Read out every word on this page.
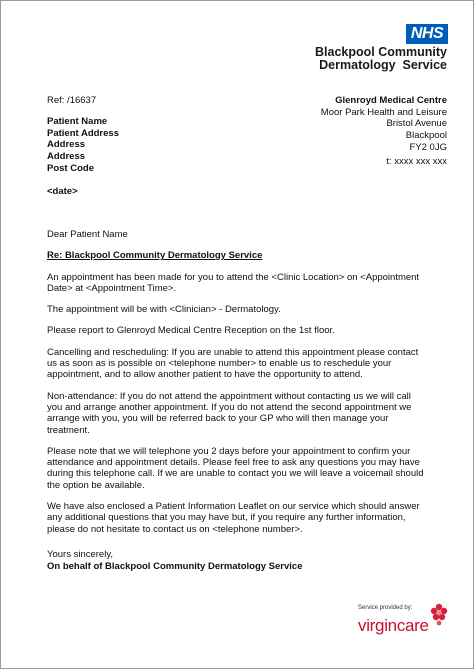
NHS
Blackpool Community
Dermatology  Service
Ref: /16637
Patient Name
Patient Address
Address
Address
Post Code
<date>
Glenroyd Medical Centre
Moor Park Health and Leisure
Bristol Avenue
Blackpool
FY2 0JG
t: xxxx xxx xxx

Dear Patient Name

Re: Blackpool Community Dermatology Service

An appointment has been made for you to attend the <Clinic Location> on <Appointment Date> at <Appointment Time>.

The appointment will be with <Clinician> - Dermatology.

Please report to Glenroyd Medical Centre Reception on the 1st floor.

Cancelling and rescheduling: If you are unable to attend this appointment please contact us as soon as is possible on <telephone number> to enable us to reschedule your appointment, and to allow another patient to have the opportunity to attend.

Non-attendance: If you do not attend the appointment without contacting us we will call you and arrange another appointment. If you do not attend the second appointment we arrange with you, you will be referred back to your GP who will then manage your treatment.

Please note that we will telephone you 2 days before your appointment to confirm your attendance and appointment details. Please feel free to ask any questions you may have during this telephone call. If we are unable to contact you we will leave a voicemail should the option be available.

We have also enclosed a Patient Information Leaflet on our service which should answer any additional questions that you may have but, if you require any further information, please do not hesitate to contact us on <telephone number>.

Yours sincerely,
On behalf of Blackpool Community Dermatology Service
Service provided by:
virgincare
